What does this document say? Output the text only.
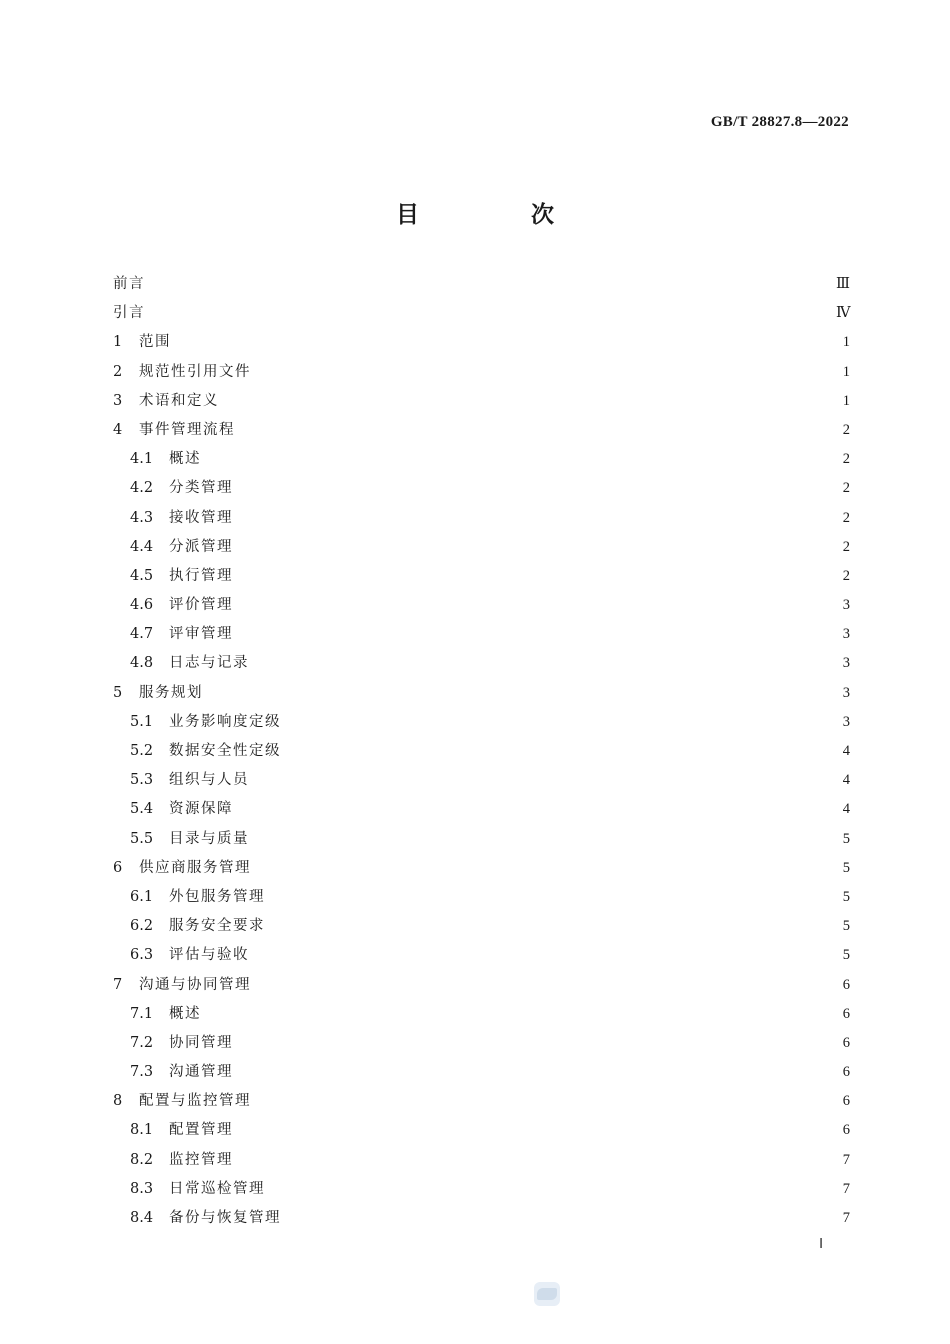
GB/T 28827.8—2022
目 次
前言	Ⅲ
引言	Ⅳ
1	范围	1
2	规范性引用文件	1
3	术语和定义	1
4	事件管理流程	2
4.1	概述	2
4.2	分类管理	2
4.3	接收管理	2
4.4	分派管理	2
4.5	执行管理	2
4.6	评价管理	3
4.7	评审管理	3
4.8	日志与记录	3
5	服务规划	3
5.1	业务影响度定级	3
5.2	数据安全性定级	4
5.3	组织与人员	4
5.4	资源保障	4
5.5	目录与质量	5
6	供应商服务管理	5
6.1	外包服务管理	5
6.2	服务安全要求	5
6.3	评估与验收	5
7	沟通与协同管理	6
7.1	概述	6
7.2	协同管理	6
7.3	沟通管理	6
8	配置与监控管理	6
8.1	配置管理	6
8.2	监控管理	7
8.3	日常巡检管理	7
8.4	备份与恢复管理	7
Ⅰ
